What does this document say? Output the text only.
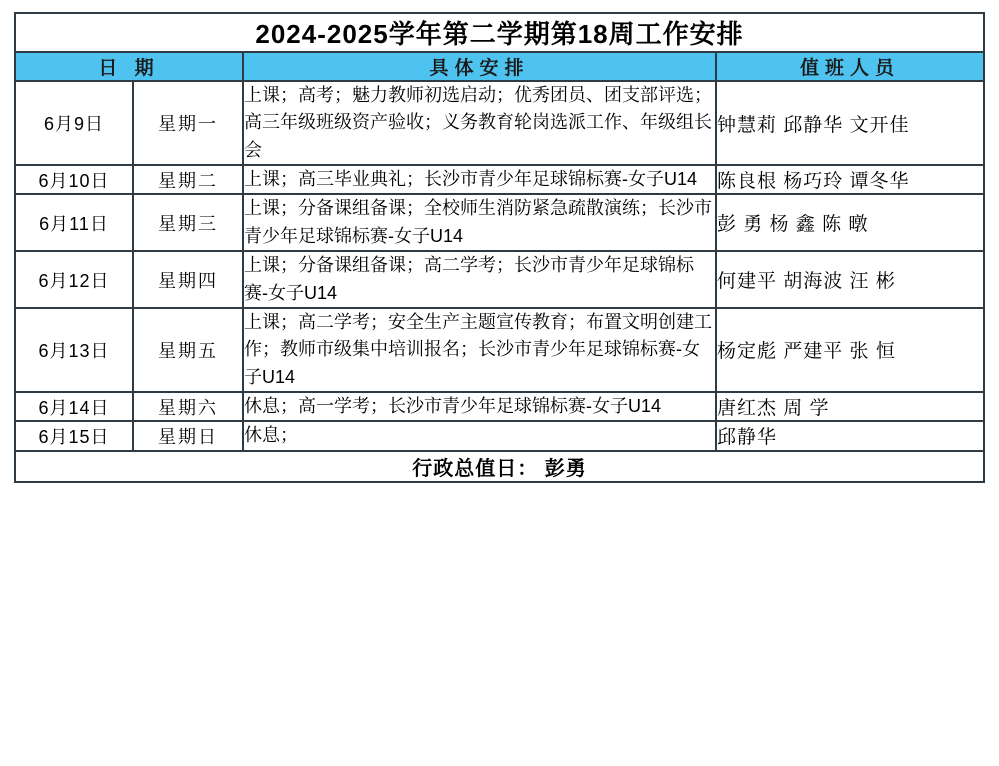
2024-2025学年第二学期第18周工作安排			
日 期		具体安排	值班人员
6月9日	星期一	上课；高考；魅力教师初选启动；优秀团员、团支部评选；高三年级班级资产验收；义务教育轮岗选派工作、年级组长会	钟慧莉 邱静华 文开佳
6月10日	星期二	上课；高三毕业典礼；长沙市青少年足球锦标赛-女子U14	陈良根 杨巧玲 谭冬华
6月11日	星期三	上课；分备课组备课；全校师生消防紧急疏散演练；长沙市青少年足球锦标赛-女子U14	彭 勇 杨 鑫 陈 暾
6月12日	星期四	上课；分备课组备课；高二学考；长沙市青少年足球锦标赛-女子U14	何建平 胡海波 汪 彬
6月13日	星期五	上课；高二学考；安全生产主题宣传教育；布置文明创建工作；教师市级集中培训报名；长沙市青少年足球锦标赛-女子U14	杨定彪 严建平 张 恒
6月14日	星期六	休息；高一学考；长沙市青少年足球锦标赛-女子U14	唐红杰 周 学
6月15日	星期日	休息；	邱静华
行政总值日： 彭勇			
